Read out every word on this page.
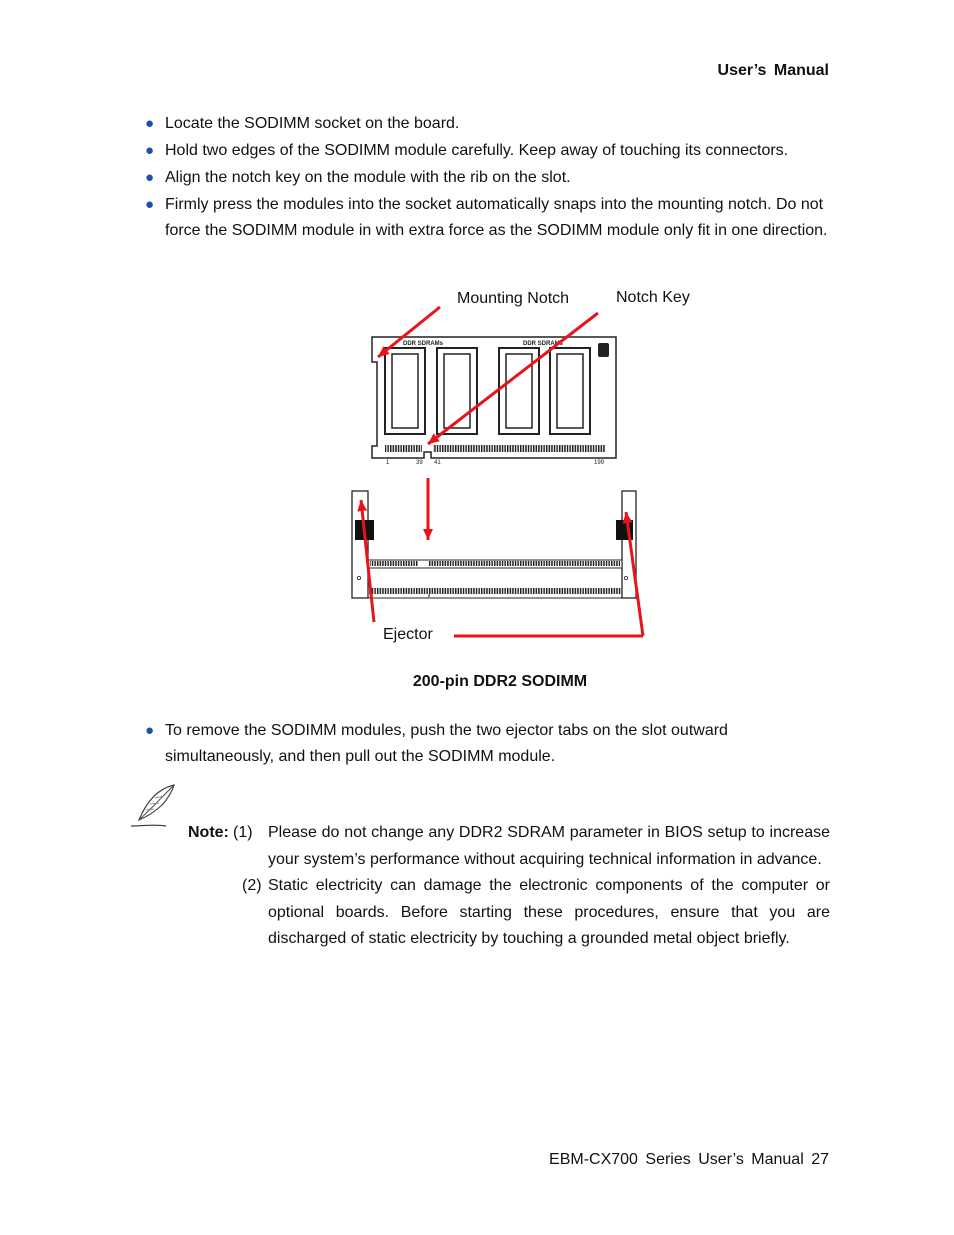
User’s Manual
● Locate the SODIMM socket on the board.
● Hold two edges of the SODIMM module carefully. Keep away of touching its connectors.
● Align the notch key on the module with the rib on the slot.
● Firmly press the modules into the socket automatically snaps into the mounting notch. Do not force the SODIMM module in with extra force as the SODIMM module only fit in one direction.
Mounting Notch	Notch Key
Ejector
DDR SDRAMs	DDR SDRAMs
1	39 41	199
200-pin DDR2 SODIMM
● To remove the SODIMM modules, push the two ejector tabs on the slot outward simultaneously, and then pull out the SODIMM module.
Note: (1) Please do not change any DDR2 SDRAM parameter in BIOS setup to increase your system’s performance without acquiring technical information in advance.
(2) Static electricity can damage the electronic components of the computer or optional boards. Before starting these procedures, ensure that you are discharged of static electricity by touching a grounded metal object briefly.
EBM-CX700 Series User’s Manual 27
